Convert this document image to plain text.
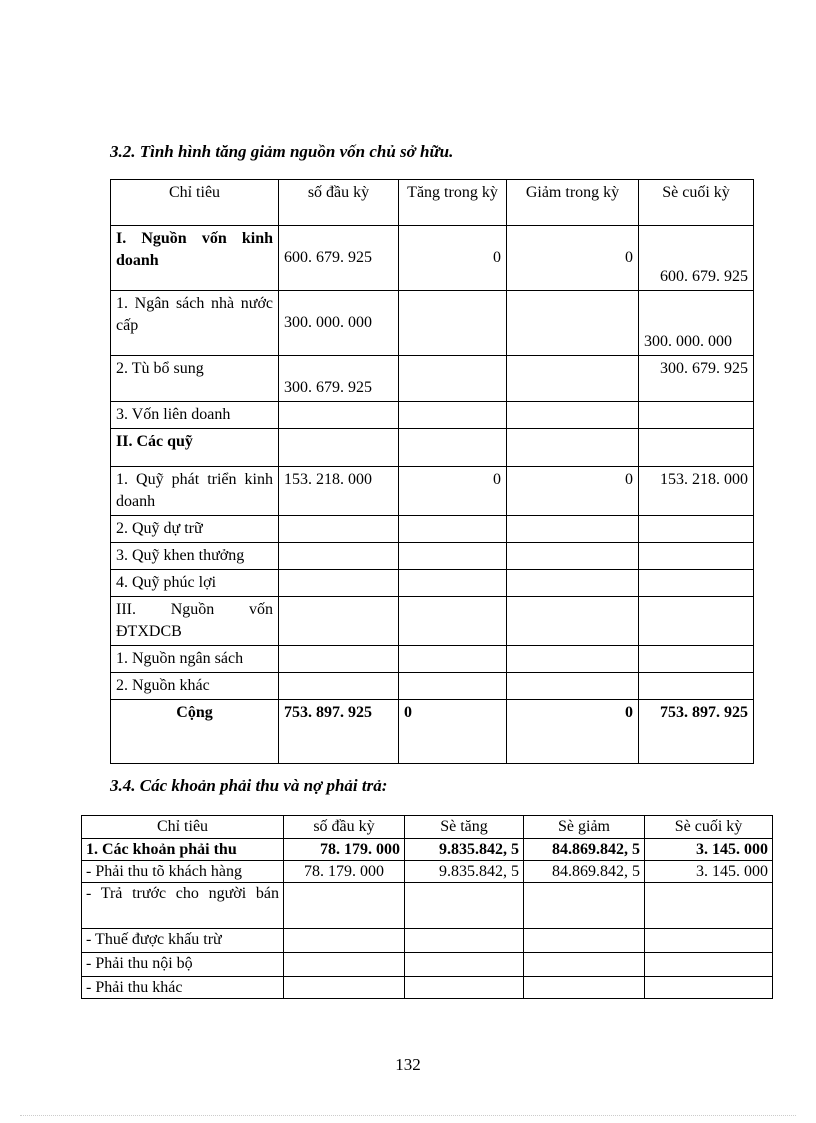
3.2. Tình hình tăng giảm nguồn vốn chủ sở hữu.
Chỉ tiêu	số đầu kỳ	Tăng trong kỳ	Giảm trong kỳ	Sè cuối kỳ
I. Nguồn vốn kinh doanh	600. 679. 925	0	0	600. 679. 925
1. Ngân sách nhà nước cấp	300. 000. 000			300. 000. 000
2. Tù bổ sung	300. 679. 925			300. 679. 925
3. Vốn liên doanh				
II. Các quỹ				
1. Quỹ phát triển kinh doanh	153. 218. 000	0	0	153. 218. 000
2. Quỹ dự trữ				
3. Quỹ khen thưởng				
4. Quỹ phúc lợi				
III. Nguồn vốn ĐTXDCB				
1. Nguồn ngân sách				
2. Nguồn khác				
Cộng	753. 897. 925	0	0	753. 897. 925
3.4. Các khoản phải thu và nợ phải trả:
Chỉ tiêu	số đầu kỳ	Sè tăng	Sè giảm	Sè cuối kỳ
1. Các khoản phải thu	78. 179. 000	9.835.842, 5	84.869.842, 5	3. 145. 000
- Phải thu tõ khách hàng	78. 179. 000	9.835.842, 5	84.869.842, 5	3. 145. 000
- Trả trước cho người bán				
- Thuế được khấu trừ				
- Phải thu nội bộ				
- Phải thu khác				
132
